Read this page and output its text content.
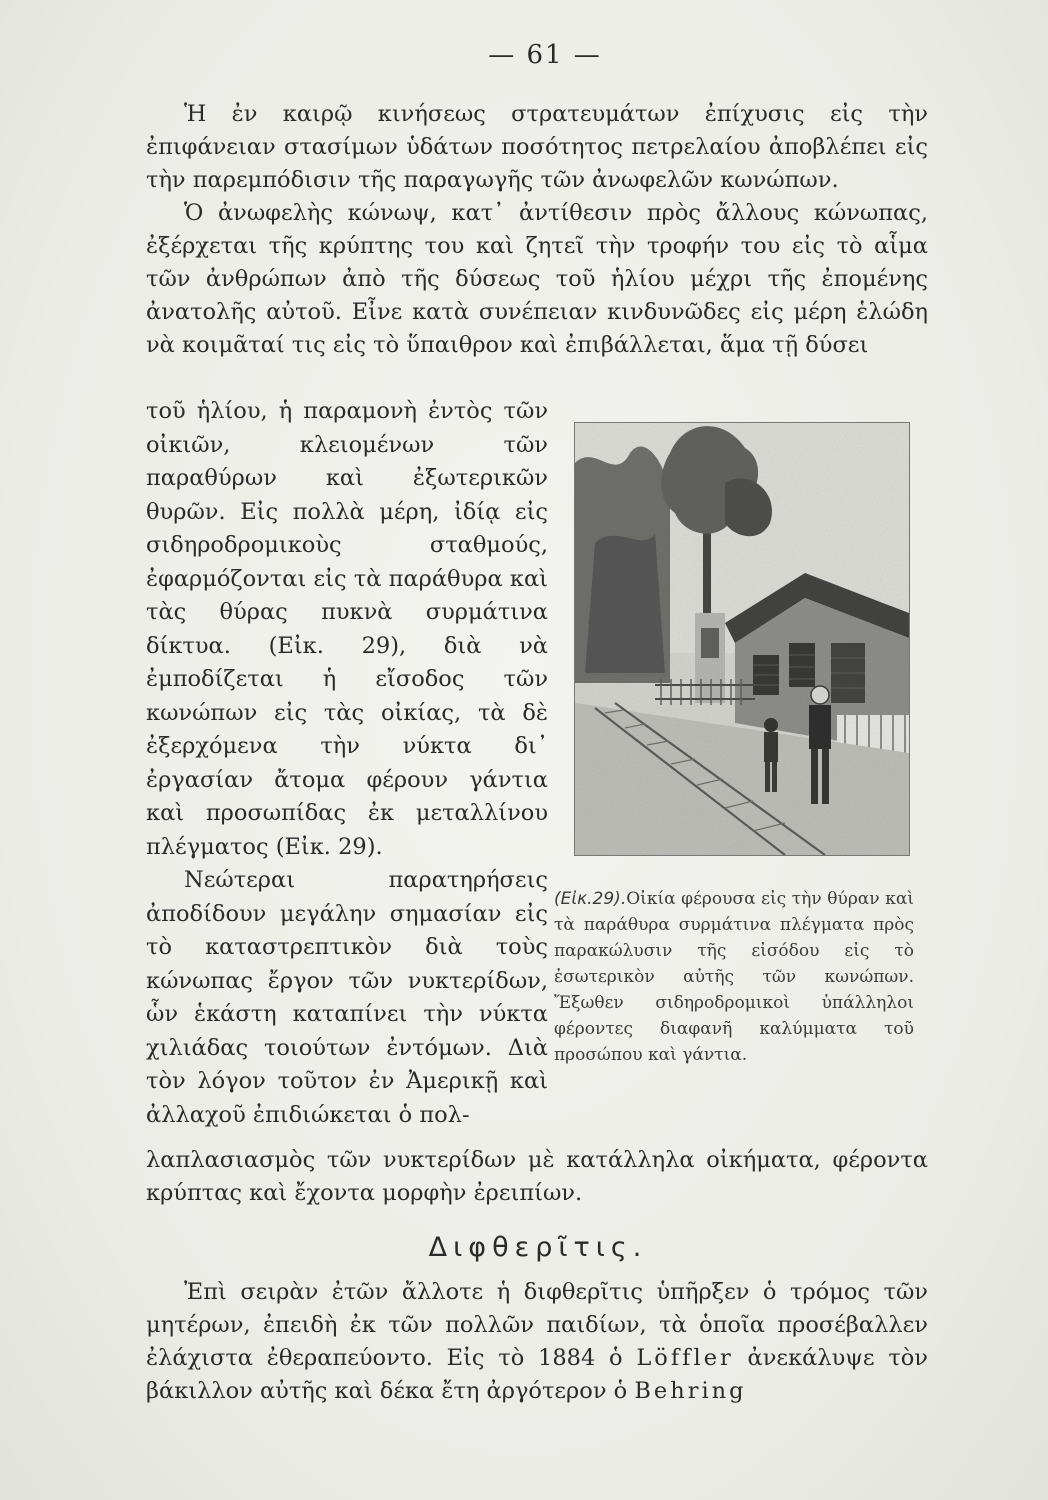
— 61 —

Ἡ ἐν καιρῷ κινήσεως στρατευμάτων ἐπίχυσις εἰς τὴν ἐπιφάνειαν στασίμων ὑδάτων ποσότητος πετρελαίου ἀποβλέπει εἰς τὴν παρεμπόδισιν τῆς παραγωγῆς τῶν ἀνωφελῶν κωνώπων.

Ὁ ἀνωφελὴς κώνωψ, κατ᾿ ἀντίθεσιν πρὸς ἄλλους κώνωπας, ἐξέρχεται τῆς κρύπτης του καὶ ζητεῖ τὴν τροφήν του εἰς τὸ αἷμα τῶν ἀνθρώπων ἀπὸ τῆς δύσεως τοῦ ἡλίου μέχρι τῆς ἐπομένης ἀνατολῆς αὐτοῦ. Εἶνε κατὰ συνέπειαν κινδυνῶδες εἰς μέρη ἑλώδη νὰ κοιμᾶταί τις εἰς τὸ ὕπαιθρον καὶ ἐπιβάλλεται, ἅμα τῇ δύσει

τοῦ ἡλίου, ἡ παραμονὴ ἐντὸς τῶν οἰκιῶν, κλειομένων τῶν παραθύρων καὶ ἐξωτερικῶν θυρῶν. Εἰς πολλὰ μέρη, ἰδίᾳ εἰς σιδηροδρομικοὺς σταθμούς, ἐφαρμόζονται εἰς τὰ παράθυρα καὶ τὰς θύρας πυκνὰ συρμάτινα δίκτυα. (Εἰκ. 29), διὰ νὰ ἐμποδίζεται ἡ εἴσοδος τῶν κωνώπων εἰς τὰς οἰκίας, τὰ δὲ ἐξερχόμενα τὴν νύκτα δι᾿ ἐργασίαν ἄτομα φέρουν γάντια καὶ προσωπίδας ἐκ μεταλλίνου πλέγματος (Εἰκ. 29).

Νεώτεραι παρατηρήσεις ἀποδίδουν μεγάλην σημασίαν εἰς τὸ καταστρεπτικὸν διὰ τοὺς κώνωπας ἔργον τῶν νυκτερίδων, ὧν ἑκάστη καταπίνει τὴν νύκτα χιλιάδας τοιούτων ἐντόμων. Διὰ τὸν λόγον τοῦτον ἐν Ἀμερικῇ καὶ ἀλλαχοῦ ἐπιδιώκεται ὁ πολ-

(Εἰκ.29).Οἰκία φέρουσα εἰς τὴν θύραν καὶ τὰ παράθυρα συρμάτινα πλέγματα πρὸς παρακώλυσιν τῆς εἰσόδου εἰς τὸ ἐσωτερικὸν αὐτῆς τῶν κωνώπων. Ἔξωθεν σιδηροδρομικοὶ ὑπάλληλοι φέροντες διαφανῆ καλύμματα τοῦ προσώπου καὶ γάντια.

λαπλασιασμὸς τῶν νυκτερίδων μὲ κατάλληλα οἰκήματα, φέροντα κρύπτας καὶ ἔχοντα μορφὴν ἐρειπίων.

Διφθερῖτις.

Ἐπὶ σειρὰν ἐτῶν ἄλλοτε ἡ διφθερῖτις ὑπῆρξεν ὁ τρόμος τῶν μητέρων, ἐπειδὴ ἐκ τῶν πολλῶν παιδίων, τὰ ὁποῖα προσέβαλλεν ἐλάχιστα ἐθεραπεύοντο. Εἰς τὸ 1884 ὁ Löffler ἀνεκάλυψε τὸν βάκιλλον αὐτῆς καὶ δέκα ἔτη ἀργότερον ὁ Behring
